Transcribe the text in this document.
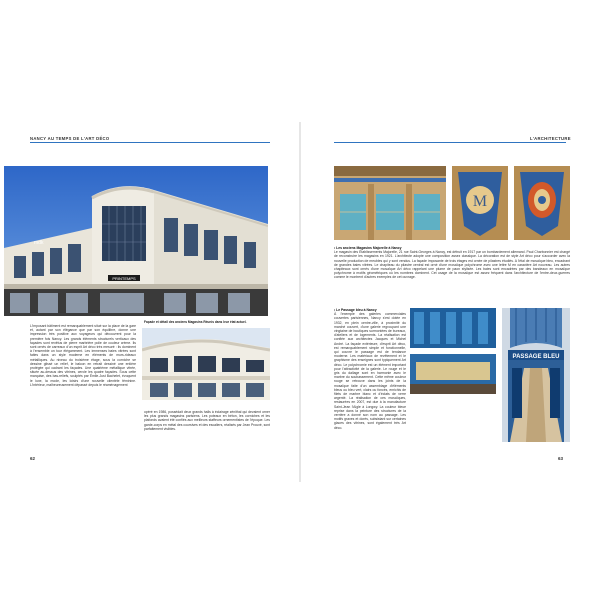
NANCY AU TEMPS DE L'ART DÉCO
PRINTEMPS
mdk
Façade et détail des anciens Magasins Réunis dans leur état actuel.

L'imposant bâtiment est remarquablement situé sur la place de la gare et, autant par son élégance que par son équilibre, donne une impression très positive aux voyageurs qui découvrent pour la première fois Nancy. Les grands éléments structurels verticaux des façades sont revêtus de pierre marbrière polie de couleur crème. Ils sont ornés de carreaux d'un esprit Art déco très mesuré : ils dominent à l'ensemble un tour élégamment. Les immenses baies vitrées sont faites dans un style moderne en éléments de murs-rideaux métalliques. Au niveau du troisième étage, sous la corniche se dessine glissé un relief, le balcon en retrait dessiné une entière protégée qui cadrant les façades. Une quatrième métallique vitrée, située au-dessus des vitrines, cercle les quatre façades. Sous cette marquise, des bas-reliefs, sculptés par Émile-Just Bachelet, évoquent le luxe, la mode, les loisirs d'une nouvelle clientèle féminine. L'intérieur, malheureusement dépassé depuis le réaménagement

opéré en 1986, possédait deux grands halls à éclairage zénithal qui devaient orner les plus grands magasins parisiens. Les poteaux en béton, les corniches et les plafonds avaient été confiés aux meilleurs staffeurs ornementistes de l'époque. Les garde-corps en métal des coursives et des escaliers, réalisés par Jean Prouvé, sont parfaitement visibles.

62
L'ARCHITECTURE
M

• Les anciens Magasins Majorelle à Nancy

Le magasin des Établissements Majorelle, 21 rue Saint-Georges à Nancy, est détruit en 1917 par un bombardement allemand. Paul Charbonnier est chargé de reconstruire les magasins en 1921. L'architecte adopte une composition assez classique. La décoration est de style Art déco pour s'accorder avec la nouvelle production de meubles qui y sont vendus. La façade imposante de trois étages est ornée de pilastres étudiés. A l'étal de mosaïque bleu, encadrant de grandes baies vitrées. Le chapiteau du pilastre central est orné d'une mosaïque polychrome avec une lettre M en caractère Art nouveau. Les autres chapiteaux sont ornés d'une mosaïque Art déco rappelant une plume de paon stylisée. Les baies sont encadrées par des bandeaux en mosaïque polychrome à motifs géométriques où les nombres dominent. Cet usage de la mosaïque est assez fréquent dans l'architecture de l'entre-deux-guerres comme le montrent d'autres exemples de cet ouvrage.

• Le Passage bleu à Nancy

À l'exemple des galeries commerciales couvertes parisiennes, Nancy s'est dotée en 1932, en plein centre-ville, à proximité du marché couvert, d'une galerie regroupant une vingtaine de boutiques surmontées de bureaux, d'ateliers et de logements. La réalisation est confiée aux architectes Jacques et Michel André. La façade extérieure, d'esprit Art déco, est remarquablement simple et fonctionnelle, qui couvre le passage est de tendance moderne. Les matériaux de revêtement et le graphisme des enseignes sont typiquement Art déco. Le polychromie est un élément important pour l'attractivité de la galerie. Le rouge et le gris du dallage sont en harmonie avec le marbre du soubassement. Cette même couleur rouge se retrouve dans les joints de la mosaïque faite d'un assemblage d'éléments bleus ou bleu vert, clairs ou foncés, enrichis de filets de marbre blanc et d'éclats de verre argenté. La réalisation de ces mosaïques, restaurées en 2007, est due à la manufacture Saint-Jean l'Aigle à Longwy. La couleur bleue reprise dans la peinture des structures de la verrière a donné son nom au passage. Les motifs graves et dorés, subsistant sur certaines glaces des vitrines, sont également très Art déco.

PASSAGE BLEU
63
